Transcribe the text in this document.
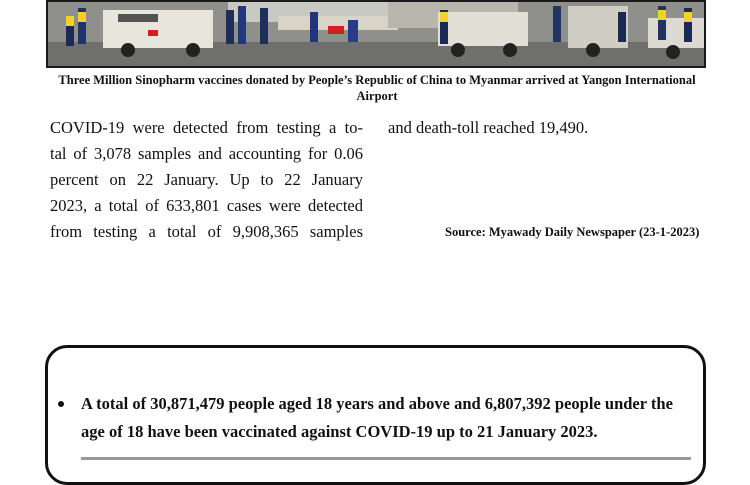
Three Million Sinopharm vaccines donated by People’s Republic of China to Myanmar arrived at Yangon International Airport
COVID-19 were detected from testing a to-
tal of 3,078 samples and accounting for 0.06
percent on 22 January. Up to 22 January
2023, a total of 633,801 cases were detected
from testing a total of 9,908,365 samples
and death-toll reached 19,490.
Source: Myawady Daily Newspaper (23-1-2023)
A total of 30,871,479 people aged 18 years and above and 6,807,392 people under the age of 18 have been vaccinated against COVID-19 up to 21 January 2023.
